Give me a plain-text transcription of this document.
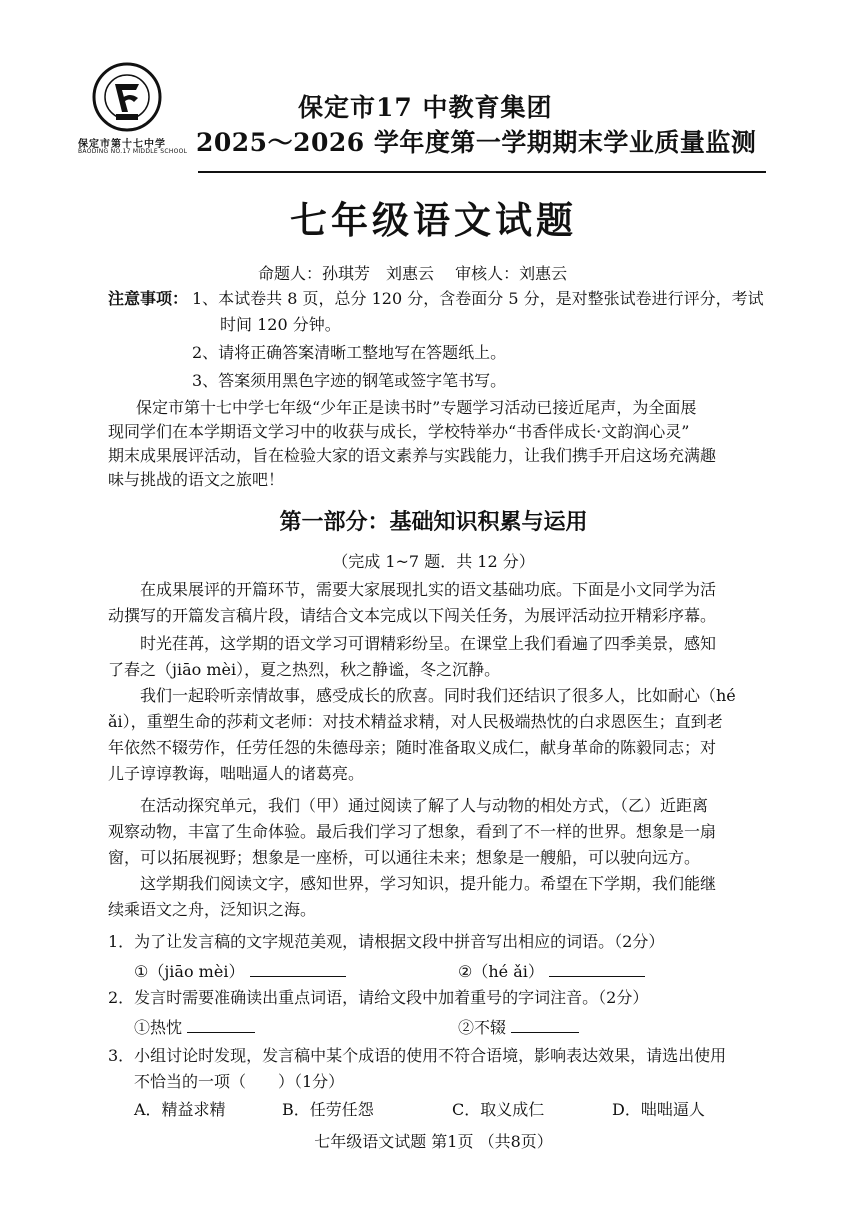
保定市第十七中学
BAODING NO.17 MIDDLE SCHOOL
保定市17 中教育集团
2025～2026 学年度第一学期期末学业质量监测
七年级语文试题
命题人：孙琪芳　刘惠云　 审核人：刘惠云
注意事项： 1、本试卷共 8 页，总分 120 分，含卷面分 5 分，是对整张试卷进行评分，考试
时间 120 分钟。
2、请将正确答案清晰工整地写在答题纸上。
3、答案须用黑色字迹的钢笔或签字笔书写。
保定市第十七中学七年级“少年正是读书时”专题学习活动已接近尾声，为全面展
现同学们在本学期语文学习中的收获与成长，学校特举办“书香伴成长·文韵润心灵”
期末成果展评活动，旨在检验大家的语文素养与实践能力，让我们携手开启这场充满趣
味与挑战的语文之旅吧！
第一部分：基础知识积累与运用
（完成 1~7 题．共 12 分）
在成果展评的开篇环节，需要大家展现扎实的语文基础功底。下面是小文同学为活
动撰写的开篇发言稿片段，请结合文本完成以下闯关任务，为展评活动拉开精彩序幕。
时光荏苒，这学期的语文学习可谓精彩纷呈。在课堂上我们看遍了四季美景，感知
了春之（jiāo mèi），夏之热烈，秋之静谧，冬之沉静。
我们一起聆听亲情故事，感受成长的欣喜。同时我们还结识了很多人，比如耐心（hé
ǎi），重塑生命的莎莉文老师：对技术精益求精，对人民极端热忱的白求恩医生；直到老
年依然不辍劳作，任劳任怨的朱德母亲；随时准备取义成仁，献身革命的陈毅同志；对
儿子谆谆教诲，咄咄逼人的诸葛亮。
在活动探究单元，我们（甲）通过阅读了解了人与动物的相处方式，（乙）近距离
观察动物，丰富了生命体验。最后我们学习了想象，看到了不一样的世界。想象是一扇
窗，可以拓展视野；想象是一座桥，可以通往未来；想象是一艘船，可以驶向远方。
这学期我们阅读文字，感知世界，学习知识，提升能力。希望在下学期，我们能继
续乘语文之舟，泛知识之海。
1．为了让发言稿的文字规范美观，请根据文段中拼音写出相应的词语。（2分）
①（jiāo mèi）	②（hé ǎi）
2．发言时需要准确读出重点词语，请给文段中加着重号的字词注音。（2分）
①热忱	②不辍
3．小组讨论时发现，发言稿中某个成语的使用不符合语境，影响表达效果，请选出使用
不恰当的一项（　　）（1分）
A．精益求精	B．任劳任怨	C．取义成仁	D．咄咄逼人
七年级语文试题 第1页 （共8页）
